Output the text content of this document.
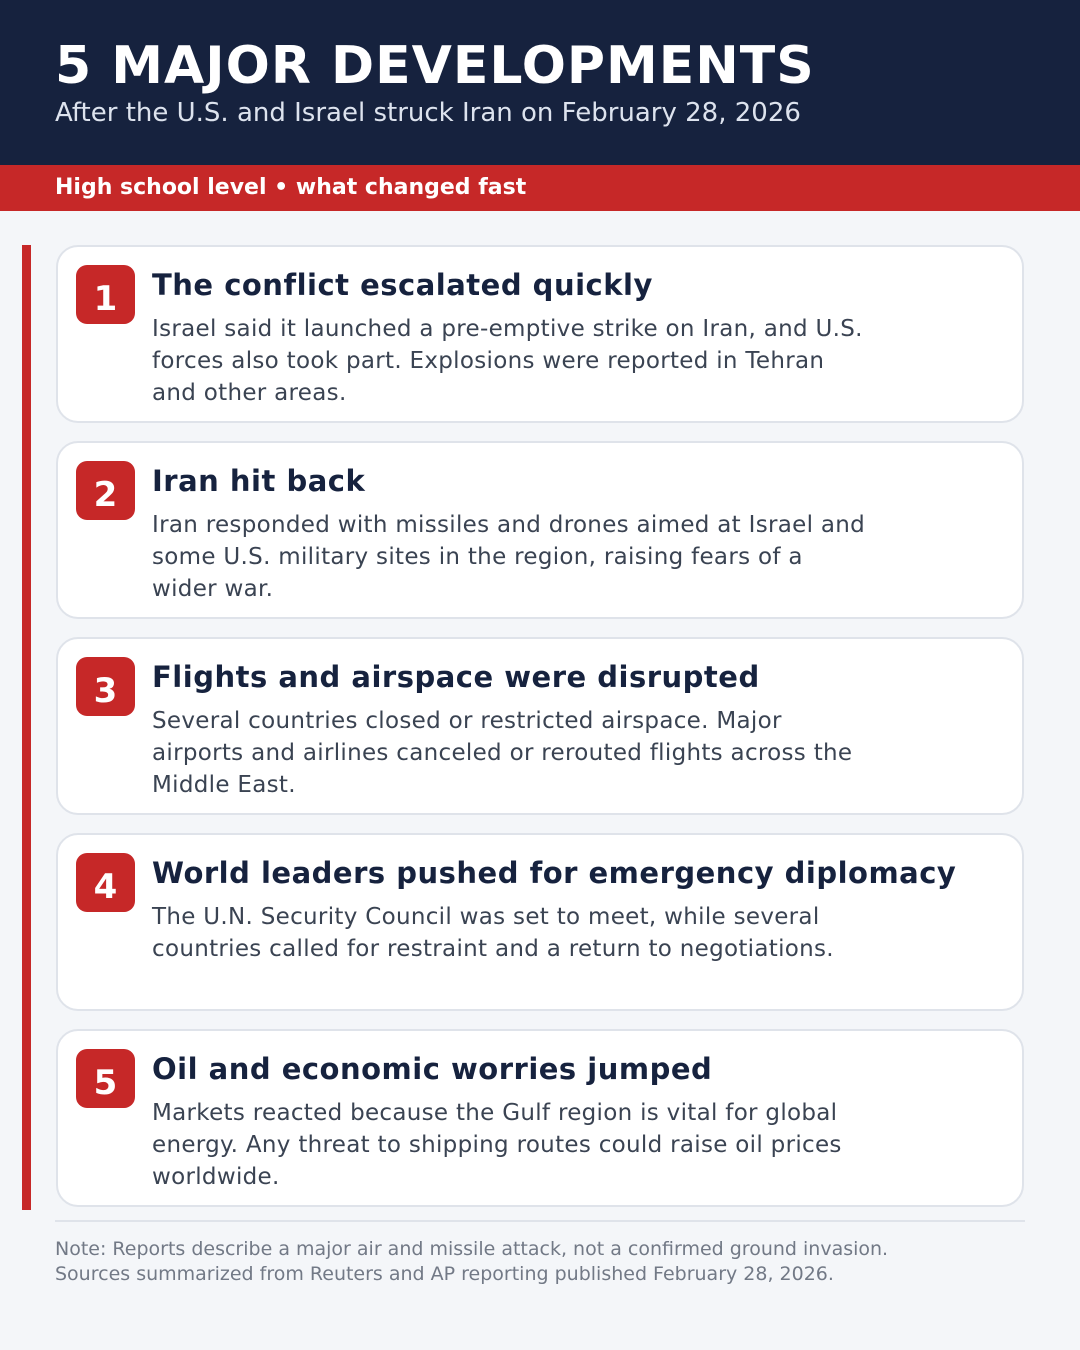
5 MAJOR DEVELOPMENTS
After the U.S. and Israel struck Iran on February 28, 2026
High school level • what changed fast
1	The conflict escalated quickly
Israel said it launched a pre-emptive strike on Iran, and U.S. forces also took part. Explosions were reported in Tehran and other areas.
2	Iran hit back
Iran responded with missiles and drones aimed at Israel and some U.S. military sites in the region, raising fears of a wider war.
3	Flights and airspace were disrupted
Several countries closed or restricted airspace. Major airports and airlines canceled or rerouted flights across the Middle East.
4	World leaders pushed for emergency diplomacy
The U.N. Security Council was set to meet, while several countries called for restraint and a return to negotiations.
5	Oil and economic worries jumped
Markets reacted because the Gulf region is vital for global energy. Any threat to shipping routes could raise oil prices worldwide.
Note: Reports describe a major air and missile attack, not a confirmed ground invasion. Sources summarized from Reuters and AP reporting published February 28, 2026.
